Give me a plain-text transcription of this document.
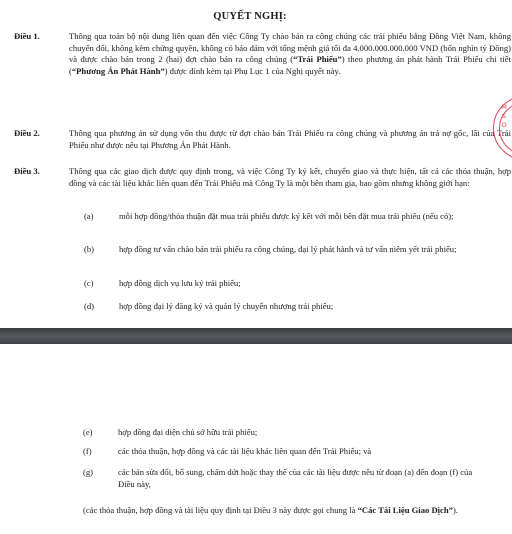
QUYẾT NGHỊ:
Điều 1.	Thông qua toàn bộ nội dung liên quan đến việc Công Ty chào bán ra công chúng các trái phiếu bằng Đồng Việt Nam, không chuyển đổi, không kèm chứng quyền, không có bảo đảm với tổng mệnh giá tối đa 4.000.000.000.000 VND (bốn nghìn tỷ Đồng) và được chào bán trong 2 (hai) đợt chào bán ra công chúng (“Trái Phiếu”) theo phương án phát hành Trái Phiếu chi tiết (“Phương Án Phát Hành”) được đính kèm tại Phụ Lục 1 của Nghị quyết này.
Điều 2.	Thông qua phương án sử dụng vốn thu được từ đợt chào bán Trái Phiếu ra công chúng và phương án trả nợ gốc, lãi của Trái Phiếu như được nêu tại Phương Án Phát Hành.
Điều 3.	Thông qua các giao dịch được quy định trong, và việc Công Ty ký kết, chuyển giao và thực hiện, tất cả các thỏa thuận, hợp đồng và các tài liệu khác liên quan đến Trái Phiếu mà Công Ty là một bên tham gia, bao gồm nhưng không giới hạn:
(a)	mỗi hợp đồng/thỏa thuận đặt mua trái phiếu được ký kết với mỗi bên đặt mua trái phiếu (nếu có);
(b)	hợp đồng tư vấn chào bán trái phiếu ra công chúng, đại lý phát hành và tư vấn niêm yết trái phiếu;
(c)	hợp đồng dịch vụ lưu ký trái phiếu;
(d)	hợp đồng đại lý đăng ký và quản lý chuyển nhượng trái phiếu;
M
S
O
(e)	hợp đồng đại diện chủ sở hữu trái phiếu;
(f)	các thỏa thuận, hợp đồng và các tài liệu khác liên quan đến Trái Phiếu; và
(g)	các bản sửa đổi, bổ sung, chấm dứt hoặc thay thế của các tài liệu được nêu từ đoạn (a) đến đoạn (f) của Điều này,
(các thỏa thuận, hợp đồng và tài liệu quy định tại Điều 3 này được gọi chung là “Các Tài Liệu Giao Dịch”).
